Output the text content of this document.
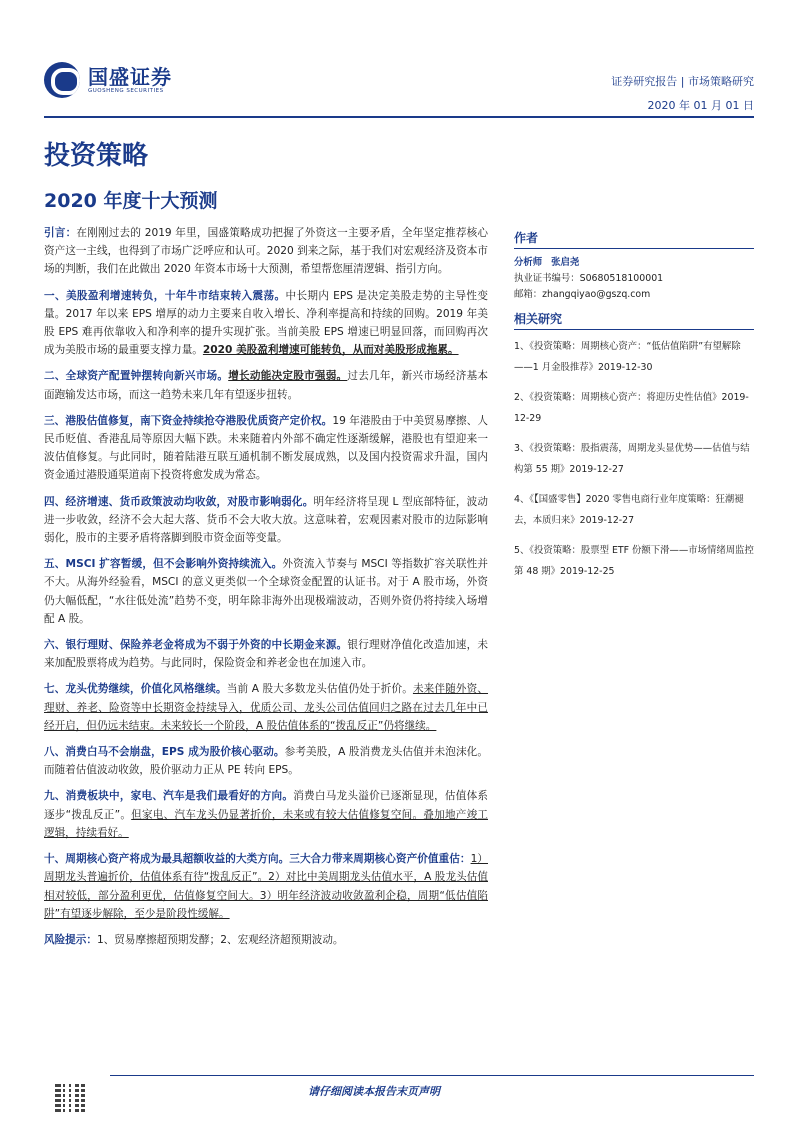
国盛证券
GUOSHENG SECURITIES
证券研究报告 | 市场策略研究
2020 年 01 月 01 日
投资策略
2020 年度十大预测

引言：在刚刚过去的 2019 年里，国盛策略成功把握了外资这一主要矛盾，全年坚定推荐核心资产这一主线，也得到了市场广泛呼应和认可。2020 到来之际，基于我们对宏观经济及资本市场的判断，我们在此做出 2020 年资本市场十大预测，希望帮您厘清逻辑、指引方向。

一、美股盈利增速转负，十年牛市结束转入震荡。中长期内 EPS 是决定美股走势的主导性变量。2017 年以来 EPS 增厚的动力主要来自收入增长、净利率提高和持续的回购。2019 年美股 EPS 难再依靠收入和净利率的提升实现扩张。当前美股 EPS 增速已明显回落，而回购再次成为美股市场的最重要支撑力量。2020 美股盈利增速可能转负，从而对美股形成拖累。

二、全球资产配置钟摆转向新兴市场。增长动能决定股市强弱。过去几年，新兴市场经济基本面跑输发达市场，而这一趋势未来几年有望逐步扭转。

三、港股估值修复，南下资金持续抢夺港股优质资产定价权。19 年港股由于中美贸易摩擦、人民币贬值、香港乱局等原因大幅下跌。未来随着内外部不确定性逐渐缓解，港股也有望迎来一波估值修复。与此同时，随着陆港互联互通机制不断发展成熟，以及国内投资需求升温，国内资金通过港股通渠道南下投资将愈发成为常态。

四、经济增速、货币政策波动均收敛，对股市影响弱化。明年经济将呈现 L 型底部特征，波动进一步收敛，经济不会大起大落、货币不会大收大放。这意味着，宏观因素对股市的边际影响弱化，股市的主要矛盾将落脚到股市资金面等变量。

五、MSCI 扩容暂缓，但不会影响外资持续流入。外资流入节奏与 MSCI 等指数扩容关联性并不大。从海外经验看，MSCI 的意义更类似一个全球资金配置的认证书。对于 A 股市场，外资仍大幅低配，“水往低处流”趋势不变，明年除非海外出现极端波动，否则外资仍将持续入场增配 A 股。

六、银行理财、保险养老金将成为不弱于外资的中长期金来源。银行理财净值化改造加速，未来加配股票将成为趋势。与此同时，保险资金和养老金也在加速入市。

七、龙头优势继续，价值化风格继续。当前 A 股大多数龙头估值仍处于折价。未来伴随外资、理财、养老、险资等中长期资金持续导入，优质公司、龙头公司估值回归之路在过去几年中已经开启，但仍远未结束。未来较长一个阶段，A 股估值体系的“拨乱反正”仍将继续。

八、消费白马不会崩盘，EPS 成为股价核心驱动。参考美股，A 股消费龙头估值并未泡沫化。而随着估值波动收敛，股价驱动力正从 PE 转向 EPS。

九、消费板块中，家电、汽车是我们最看好的方向。消费白马龙头溢价已逐渐显现，估值体系逐步“拨乱反正”。但家电、汽车龙头仍显著折价，未来或有较大估值修复空间。叠加地产竣工逻辑，持续看好。

十、周期核心资产将成为最具超额收益的大类方向。三大合力带来周期核心资产价值重估：1）周期龙头普遍折价，估值体系有待“拨乱反正”。2）对比中美周期龙头估值水平，A 股龙头估值相对较低，部分盈利更优，估值修复空间大。3）明年经济波动收敛盈利企稳，周期“低估值陷阱”有望逐步解除，至少是阶段性缓解。

风险提示：1、贸易摩擦超预期发酵；2、宏观经济超预期波动。

作者
分析师 张启尧
执业证书编号：S0680518100001
邮箱：zhangqiyao@gszq.com
相关研究
1、《投资策略：周期核心资产：“低估值陷阱”有望解除——1 月金股推荐》2019-12-30
2、《投资策略：周期核心资产：将迎历史性估值》2019-12-29
3、《投资策略：股指震荡，周期龙头显优势——估值与结构第 55 期》2019-12-27
4、《【国盛零售】2020 零售电商行业年度策略：狂潮褪去，本质归来》2019-12-27
5、《投资策略：股票型 ETF 份额下滑——市场情绪周监控第 48 期》2019-12-25
请仔细阅读本报告末页声明
